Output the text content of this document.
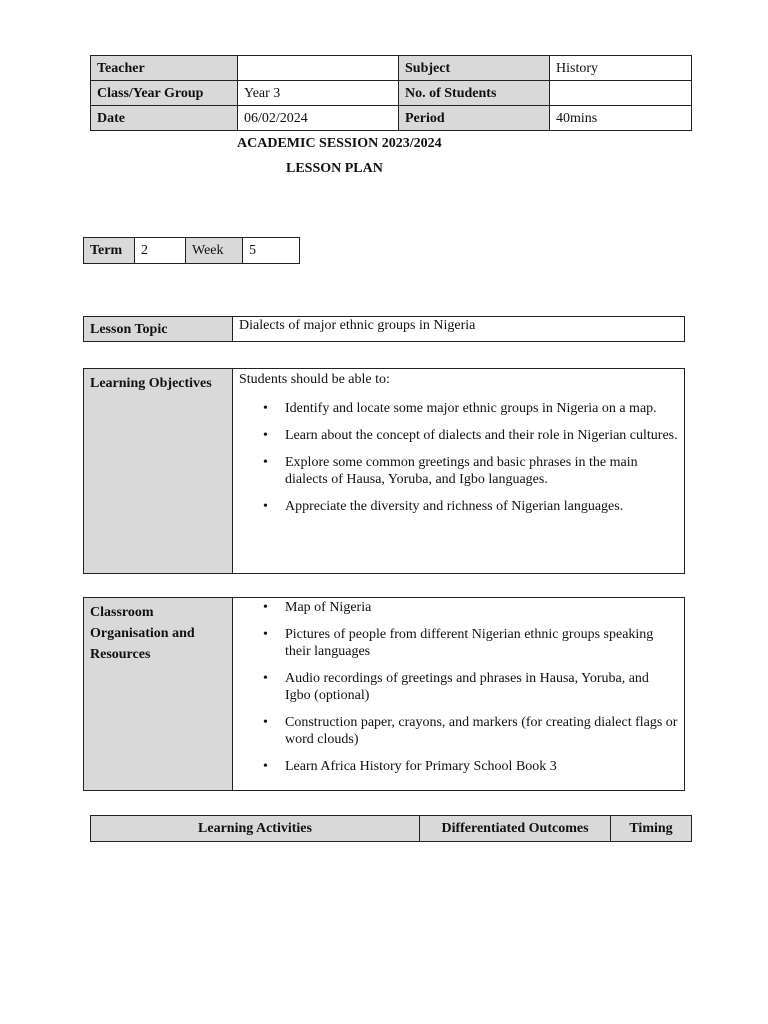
Teacher		Subject	History
Class/Year Group	Year 3	No. of Students	
Date	06/02/2024	Period	40mins
ACADEMIC SESSION 2023/2024
LESSON PLAN
Term	2	Week	5
Lesson Topic	Dialects of major ethnic groups in Nigeria
Learning Objectives	Students should be able to:
• Identify and locate some major ethnic groups in Nigeria on a map.
• Learn about the concept of dialects and their role in Nigerian cultures.
• Explore some common greetings and basic phrases in the main dialects of Hausa, Yoruba, and Igbo languages.
• Appreciate the diversity and richness of Nigerian languages.
Classroom
Organisation and
Resources

• Map of Nigeria
• Pictures of people from different Nigerian ethnic groups speaking their languages
• Audio recordings of greetings and phrases in Hausa, Yoruba, and Igbo (optional)
• Construction paper, crayons, and markers (for creating dialect flags or word clouds)
• Learn Africa History for Primary School Book 3
Learning Activities	Differentiated Outcomes	Timing
